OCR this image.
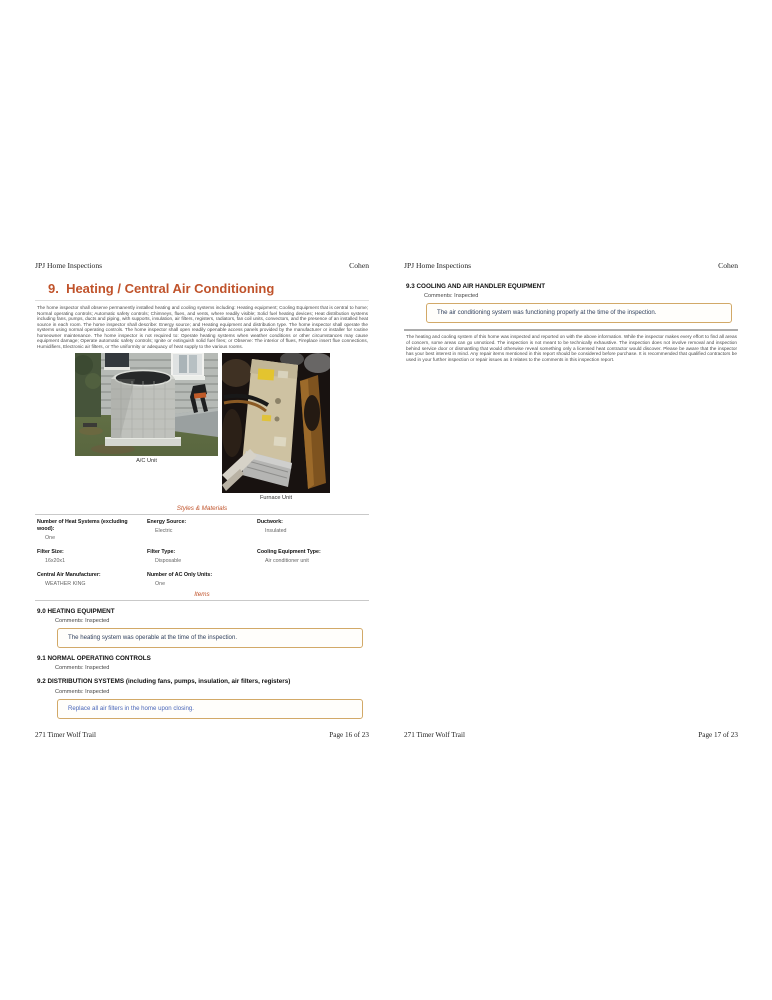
JPJ Home Inspections	Cohen
9.  Heating / Central Air Conditioning
The home inspector shall observe permanently installed heating and cooling systems including: Heating equipment; Cooling Equipment that is central to home; Normal operating controls; Automatic safety controls; Chimneys, flues, and vents, where readily visible; Solid fuel heating devices; Heat distribution systems including fans, pumps, ducts and piping, with supports, insulation, air filters, registers, radiators, fan coil units, convectors, and the presence of an installed heat source in each room. The home inspector shall describe: Energy source; and Heating equipment and distribution type. The home inspector shall operate the systems using normal operating controls. The home inspector shall open readily openable access panels provided by the manufacturer or installer for routine homeowner maintenance. The home inspector is not required to: Operate heating systems when weather conditions or other circumstances may cause equipment damage; Operate automatic safety controls; Ignite or extinguish solid fuel fires; or Observe: The interior of flues, Fireplace insert flue connections, Humidifiers, Electronic air filters, or The uniformity or adequacy of heat supply to the various rooms.
A/C Unit
Furnace Unit
Styles & Materials
Number of Heat Systems (excluding wood):
One
Energy Source:
Electric
Ductwork:
Insulated
Filter Size:
16x20x1
Filter Type:
Disposable
Cooling Equipment Type:
Air conditioner unit
Central Air Manufacturer:
WEATHER KING
Number of AC Only Units:
One
Items
9.0 HEATING EQUIPMENT
Comments: Inspected
The heating system was operable at the time of the inspection.
9.1 NORMAL OPERATING CONTROLS
Comments: Inspected
9.2 DISTRIBUTION SYSTEMS (including fans, pumps, insulation, air filters, registers)
Comments: Inspected
Replace all air filters in the home upon closing.
271 Timer Wolf Trail	Page 16 of 23
JPJ Home Inspections	Cohen
9.3 COOLING AND AIR HANDLER EQUIPMENT
Comments: Inspected
The air conditioning system was functioning properly at the time of the inspection.
The heating and cooling system of this home was inspected and reported on with the above information. While the inspector makes every effort to find all areas of concern, some areas can go unnoticed. The inspection is not meant to be technically exhaustive. The inspection does not involve removal and inspection behind service door or dismantling that would otherwise reveal something only a licensed heat contractor would discover. Please be aware that the inspector has your best interest in mind. Any repair items mentioned in this report should be considered before purchase. It is recommended that qualified contractors be used in your further inspection or repair issues as it relates to the comments in this inspection report.
271 Timer Wolf Trail	Page 17 of 23
